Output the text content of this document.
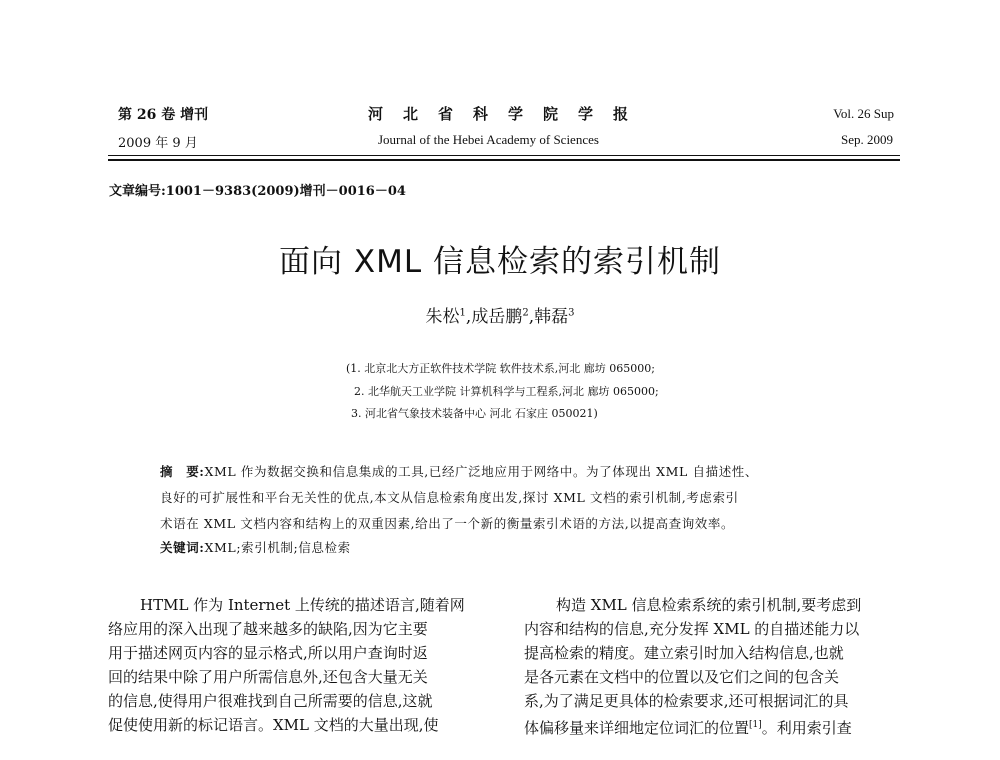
第 26 卷 增刊
2009 年 9 月
河北省科学院学报
Journal of the Hebei Academy of Sciences
Vol. 26 Sup
Sep. 2009
文章编号:1001－9383(2009)增刊－0016－04
面向 XML 信息检索的索引机制
朱松$^1$,成岳鹏$^2$,韩磊$^3$
(1. 北京北大方正软件技术学院 软件技术系,河北 廊坊 065000;
2. 北华航天工业学院 计算机科学与工程系,河北 廊坊 065000;
3. 河北省气象技术装备中心 河北 石家庄 050021)
摘　要:XML 作为数据交换和信息集成的工具,已经广泛地应用于网络中。为了体现出 XML 自描述性、
良好的可扩展性和平台无关性的优点,本文从信息检索角度出发,探讨 XML 文档的索引机制,考虑索引
术语在 XML 文档内容和结构上的双重因素,给出了一个新的衡量索引术语的方法,以提高查询效率。
关键词:XML;索引机制;信息检索
HTML 作为 Internet 上传统的描述语言,随着网
络应用的深入出现了越来越多的缺陷,因为它主要
用于描述网页内容的显示格式,所以用户查询时返
回的结果中除了用户所需信息外,还包含大量无关
的信息,使得用户很难找到自己所需要的信息,这就
促使使用新的标记语言。XML 文档的大量出现,使
构造 XML 信息检索系统的索引机制,要考虑到
内容和结构的信息,充分发挥 XML 的自描述能力以
提高检索的精度。建立索引时加入结构信息,也就
是各元素在文档中的位置以及它们之间的包含关
系,为了满足更具体的检索要求,还可根据词汇的具
体偏移量来详细地定位词汇的位置[1]。利用索引查
